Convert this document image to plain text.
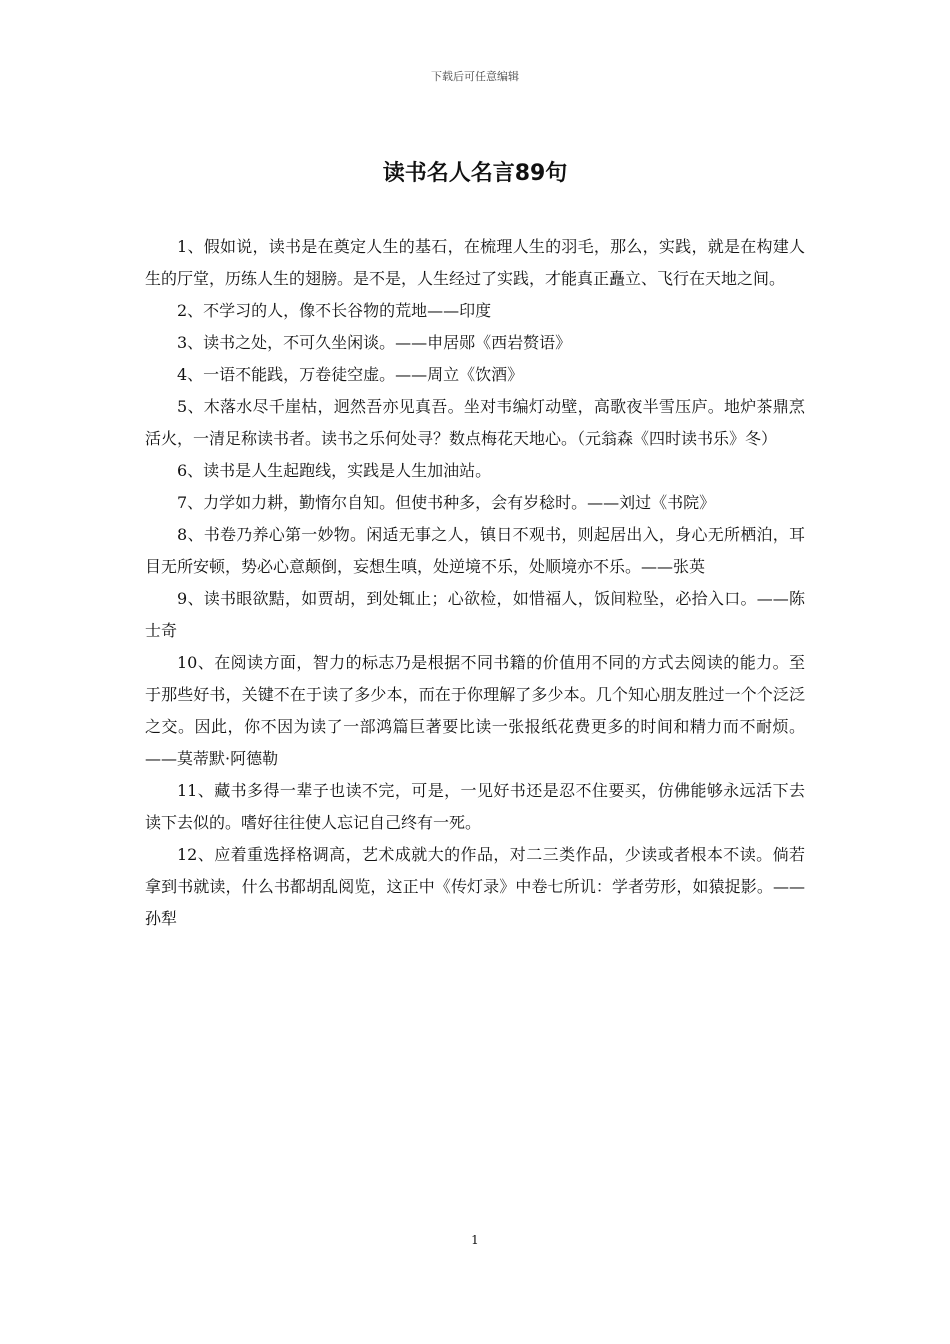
下载后可任意编辑
读书名人名言89句

1、假如说，读书是在奠定人生的基石，在梳理人生的羽毛，那么，实践，就是在构建人生的厅堂，历练人生的翅膀。是不是，人生经过了实践，才能真正矗立、飞行在天地之间。

2、不学习的人，像不长谷物的荒地——印度

3、读书之处，不可久坐闲谈。——申居郧《西岩赘语》

4、一语不能践，万卷徒空虚。——周立《饮酒》

5、木落水尽千崖枯，迥然吾亦见真吾。坐对韦编灯动壁，高歌夜半雪压庐。地炉茶鼎烹活火，一清足称读书者。读书之乐何处寻？数点梅花天地心。（元翁森《四时读书乐》冬）

6、读书是人生起跑线，实践是人生加油站。

7、力学如力耕，勤惰尔自知。但使书种多，会有岁稔时。——刘过《书院》

8、书卷乃养心第一妙物。闲适无事之人，镇日不观书，则起居出入，身心无所栖泊，耳目无所安顿，势必心意颠倒，妄想生嗔，处逆境不乐，处顺境亦不乐。——张英

9、读书眼欲黠，如贾胡，到处辄止；心欲检，如惜福人，饭间粒坠，必拾入口。——陈士奇

10、在阅读方面，智力的标志乃是根据不同书籍的价值用不同的方式去阅读的能力。至于那些好书，关键不在于读了多少本，而在于你理解了多少本。几个知心朋友胜过一个个泛泛之交。因此，你不因为读了一部鸿篇巨著要比读一张报纸花费更多的时间和精力而不耐烦。——莫蒂默·阿德勒

11、藏书多得一辈子也读不完，可是，一见好书还是忍不住要买，仿佛能够永远活下去读下去似的。嗜好往往使人忘记自己终有一死。

12、应着重选择格调高，艺术成就大的作品，对二三类作品，少读或者根本不读。倘若拿到书就读，什么书都胡乱阅览，这正中《传灯录》中卷七所讥：学者劳形，如猿捉影。——孙犁

1
